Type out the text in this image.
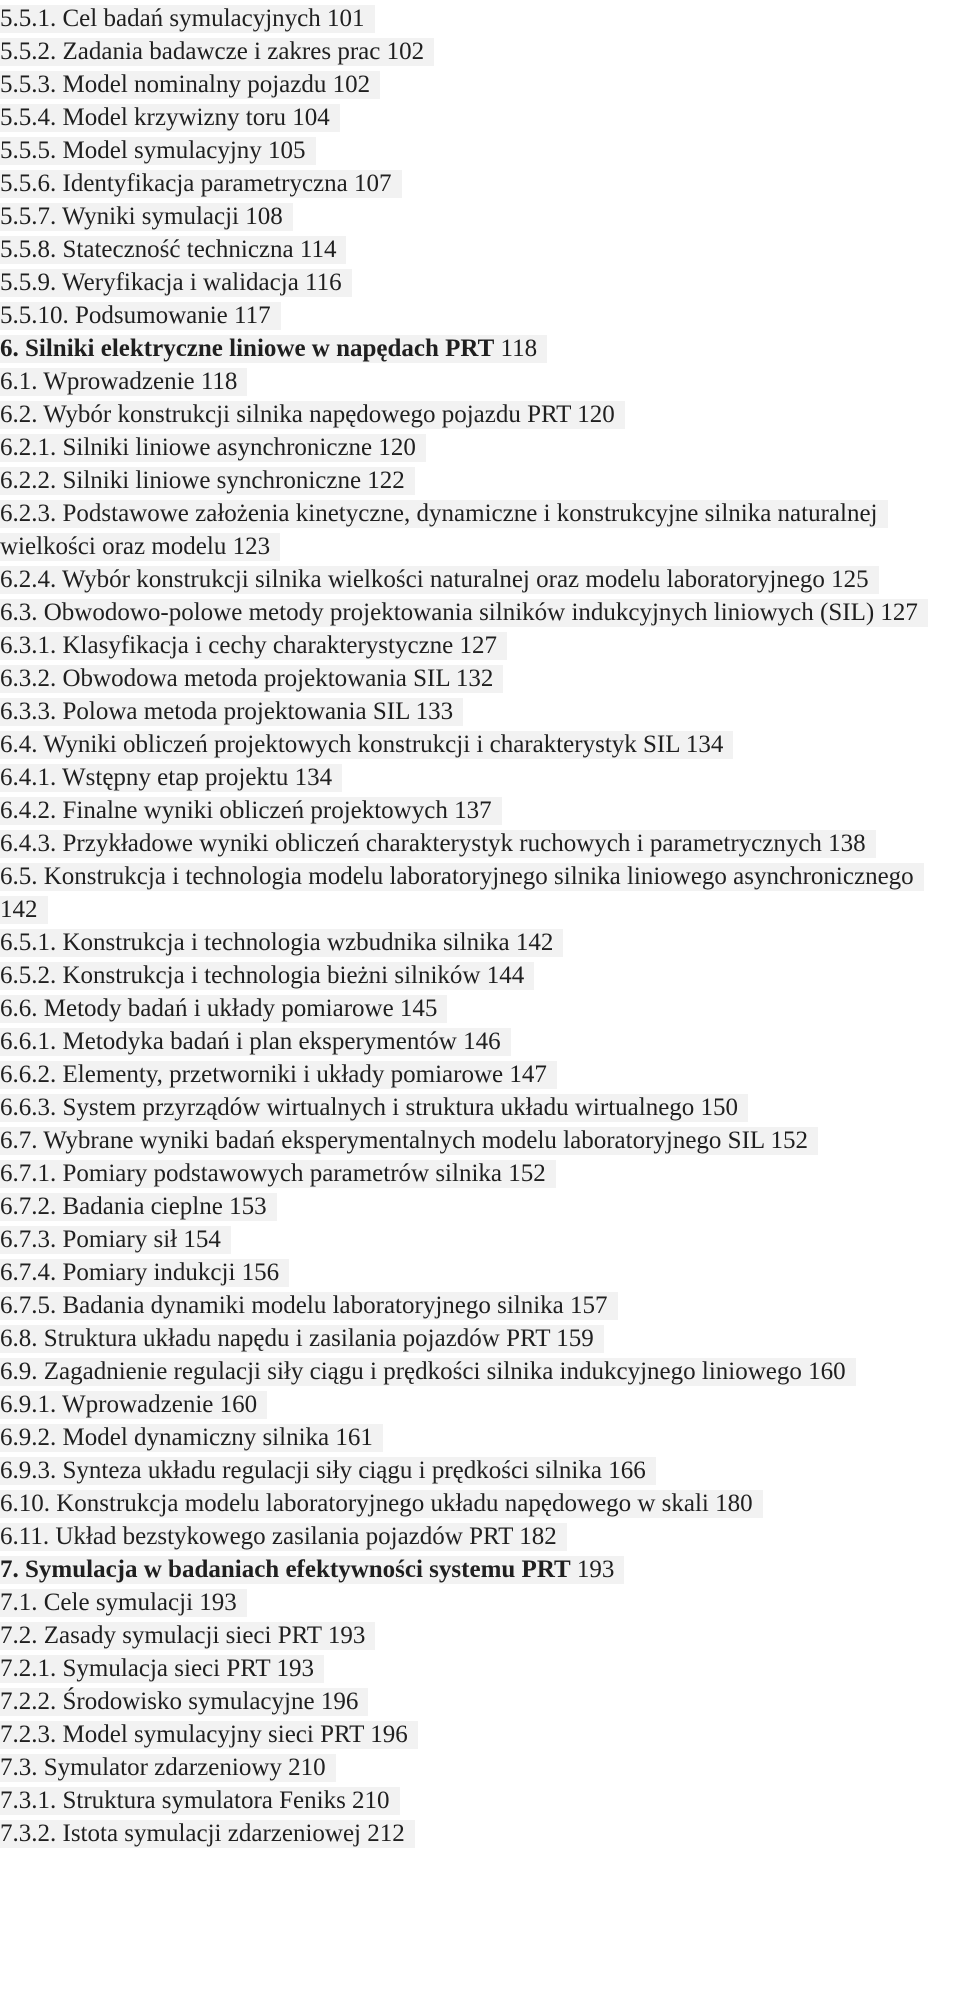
5.5.1. Cel badań symulacyjnych 101

5.5.2. Zadania badawcze i zakres prac 102

5.5.3. Model nominalny pojazdu 102

5.5.4. Model krzywizny toru 104

5.5.5. Model symulacyjny 105

5.5.6. Identyfikacja parametryczna 107

5.5.7. Wyniki symulacji 108

5.5.8. Stateczność techniczna 114

5.5.9. Weryfikacja i walidacja 116

5.5.10. Podsumowanie 117

6. Silniki elektryczne liniowe w napędach PRT 118

6.1. Wprowadzenie 118

6.2. Wybór konstrukcji silnika napędowego pojazdu PRT 120

6.2.1. Silniki liniowe asynchroniczne 120

6.2.2. Silniki liniowe synchroniczne 122

6.2.3. Podstawowe założenia kinetyczne, dynamiczne i konstrukcyjne silnika naturalnej wielkości oraz modelu 123

6.2.4. Wybór konstrukcji silnika wielkości naturalnej oraz modelu laboratoryjnego 125

6.3. Obwodowo-polowe metody projektowania silników indukcyjnych liniowych (SIL) 127

6.3.1. Klasyfikacja i cechy charakterystyczne 127

6.3.2. Obwodowa metoda projektowania SIL 132

6.3.3. Polowa metoda projektowania SIL 133

6.4. Wyniki obliczeń projektowych konstrukcji i charakterystyk SIL 134

6.4.1. Wstępny etap projektu 134

6.4.2. Finalne wyniki obliczeń projektowych 137

6.4.3. Przykładowe wyniki obliczeń charakterystyk ruchowych i parametrycznych 138

6.5. Konstrukcja i technologia modelu laboratoryjnego silnika liniowego asynchronicznego 142

6.5.1. Konstrukcja i technologia wzbudnika silnika 142

6.5.2. Konstrukcja i technologia bieżni silników 144

6.6. Metody badań i układy pomiarowe 145

6.6.1. Metodyka badań i plan eksperymentów 146

6.6.2. Elementy, przetworniki i układy pomiarowe 147

6.6.3. System przyrządów wirtualnych i struktura układu wirtualnego 150

6.7. Wybrane wyniki badań eksperymentalnych modelu laboratoryjnego SIL 152

6.7.1. Pomiary podstawowych parametrów silnika 152

6.7.2. Badania cieplne 153

6.7.3. Pomiary sił 154

6.7.4. Pomiary indukcji 156

6.7.5. Badania dynamiki modelu laboratoryjnego silnika 157

6.8. Struktura układu napędu i zasilania pojazdów PRT 159

6.9. Zagadnienie regulacji siły ciągu i prędkości silnika indukcyjnego liniowego 160

6.9.1. Wprowadzenie 160

6.9.2. Model dynamiczny silnika 161

6.9.3. Synteza układu regulacji siły ciągu i prędkości silnika 166

6.10. Konstrukcja modelu laboratoryjnego układu napędowego w skali 180

6.11. Układ bezstykowego zasilania pojazdów PRT 182

7. Symulacja w badaniach efektywności systemu PRT 193

7.1. Cele symulacji 193

7.2. Zasady symulacji sieci PRT 193

7.2.1. Symulacja sieci PRT 193

7.2.2. Środowisko symulacyjne 196

7.2.3. Model symulacyjny sieci PRT 196

7.3. Symulator zdarzeniowy 210

7.3.1. Struktura symulatora Feniks 210

7.3.2. Istota symulacji zdarzeniowej 212
